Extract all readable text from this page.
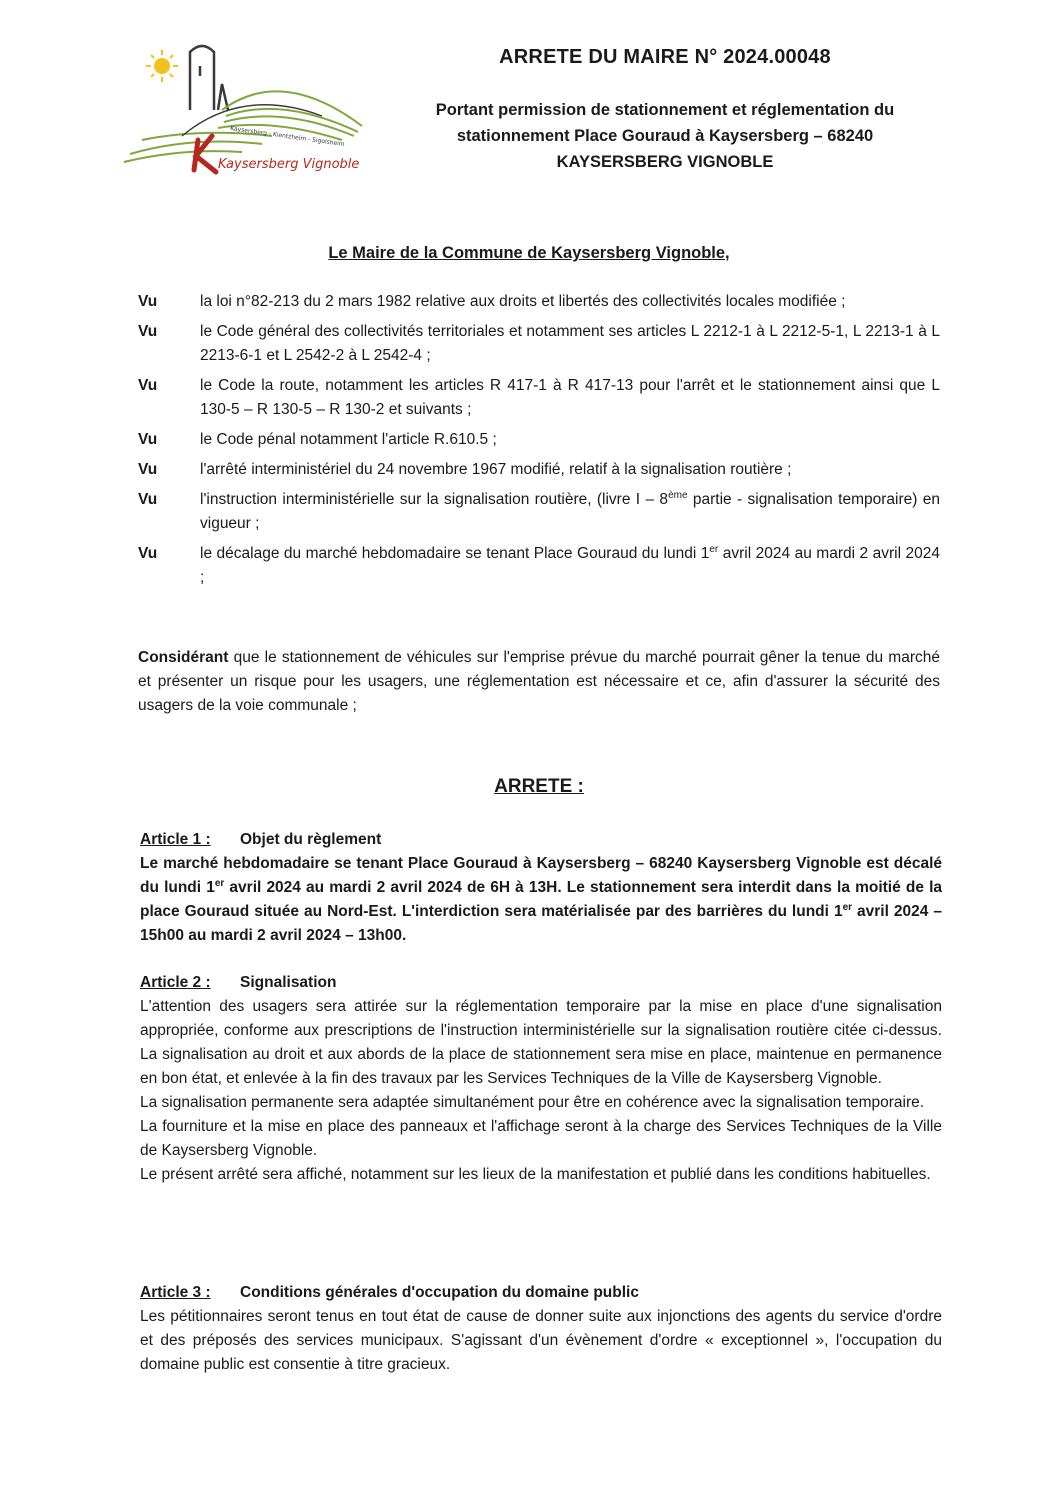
Kaysersberg - Kientzheim - Sigolsheim
Kaysersberg Vignoble
ARRETE DU MAIRE N° 2024.00048
Portant permission de stationnement et réglementation du
stationnement Place Gouraud à Kaysersberg – 68240
KAYSERSBERG VIGNOBLE
Le Maire de la Commune de Kaysersberg Vignoble,
Vu	la loi n°82-213 du 2 mars 1982 relative aux droits et libertés des collectivités locales modifiée ;
Vu	le Code général des collectivités territoriales et notamment ses articles L 2212-1 à L 2212-5-1, L 2213-1 à L 2213-6-1 et L 2542-2 à L 2542-4 ;
Vu	le Code la route, notamment les articles R 417-1 à R 417-13 pour l'arrêt et le stationnement ainsi que L 130-5 – R 130-5 – R 130-2 et suivants ;
Vu	le Code pénal notamment l'article R.610.5 ;
Vu	l'arrêté interministériel du 24 novembre 1967 modifié, relatif à la signalisation routière ;
Vu	l'instruction interministérielle sur la signalisation routière, (livre I – 8ème partie - signalisation temporaire) en vigueur ;
Vu	le décalage du marché hebdomadaire se tenant Place Gouraud du lundi 1er avril 2024 au mardi 2 avril 2024 ;
Considérant que le stationnement de véhicules sur l'emprise prévue du marché pourrait gêner la tenue du marché et présenter un risque pour les usagers, une réglementation est nécessaire et ce, afin d'assurer la sécurité des usagers de la voie communale ;
ARRETE :
Article 1 : Objet du règlement

Le marché hebdomadaire se tenant Place Gouraud à Kaysersberg – 68240 Kaysersberg Vignoble est décalé du lundi 1er avril 2024 au mardi 2 avril 2024 de 6H à 13H. Le stationnement sera interdit dans la moitié de la place Gouraud située au Nord-Est. L'interdiction sera matérialisée par des barrières du lundi 1er avril 2024 – 15h00 au mardi 2 avril 2024 – 13h00.

Article 2 : Signalisation

L'attention des usagers sera attirée sur la réglementation temporaire par la mise en place d'une signalisation appropriée, conforme aux prescriptions de l'instruction interministérielle sur la signalisation routière citée ci-dessus. La signalisation au droit et aux abords de la place de stationnement sera mise en place, maintenue en permanence en bon état, et enlevée à la fin des travaux par les Services Techniques de la Ville de Kaysersberg Vignoble.

La signalisation permanente sera adaptée simultanément pour être en cohérence avec la signalisation temporaire.

La fourniture et la mise en place des panneaux et l'affichage seront à la charge des Services Techniques de la Ville de Kaysersberg Vignoble.

Le présent arrêté sera affiché, notamment sur les lieux de la manifestation et publié dans les conditions habituelles.

Article 3 : Conditions générales d'occupation du domaine public

Les pétitionnaires seront tenus en tout état de cause de donner suite aux injonctions des agents du service d'ordre et des préposés des services municipaux. S'agissant d'un évènement d'ordre « exceptionnel », l'occupation du domaine public est consentie à titre gracieux.
